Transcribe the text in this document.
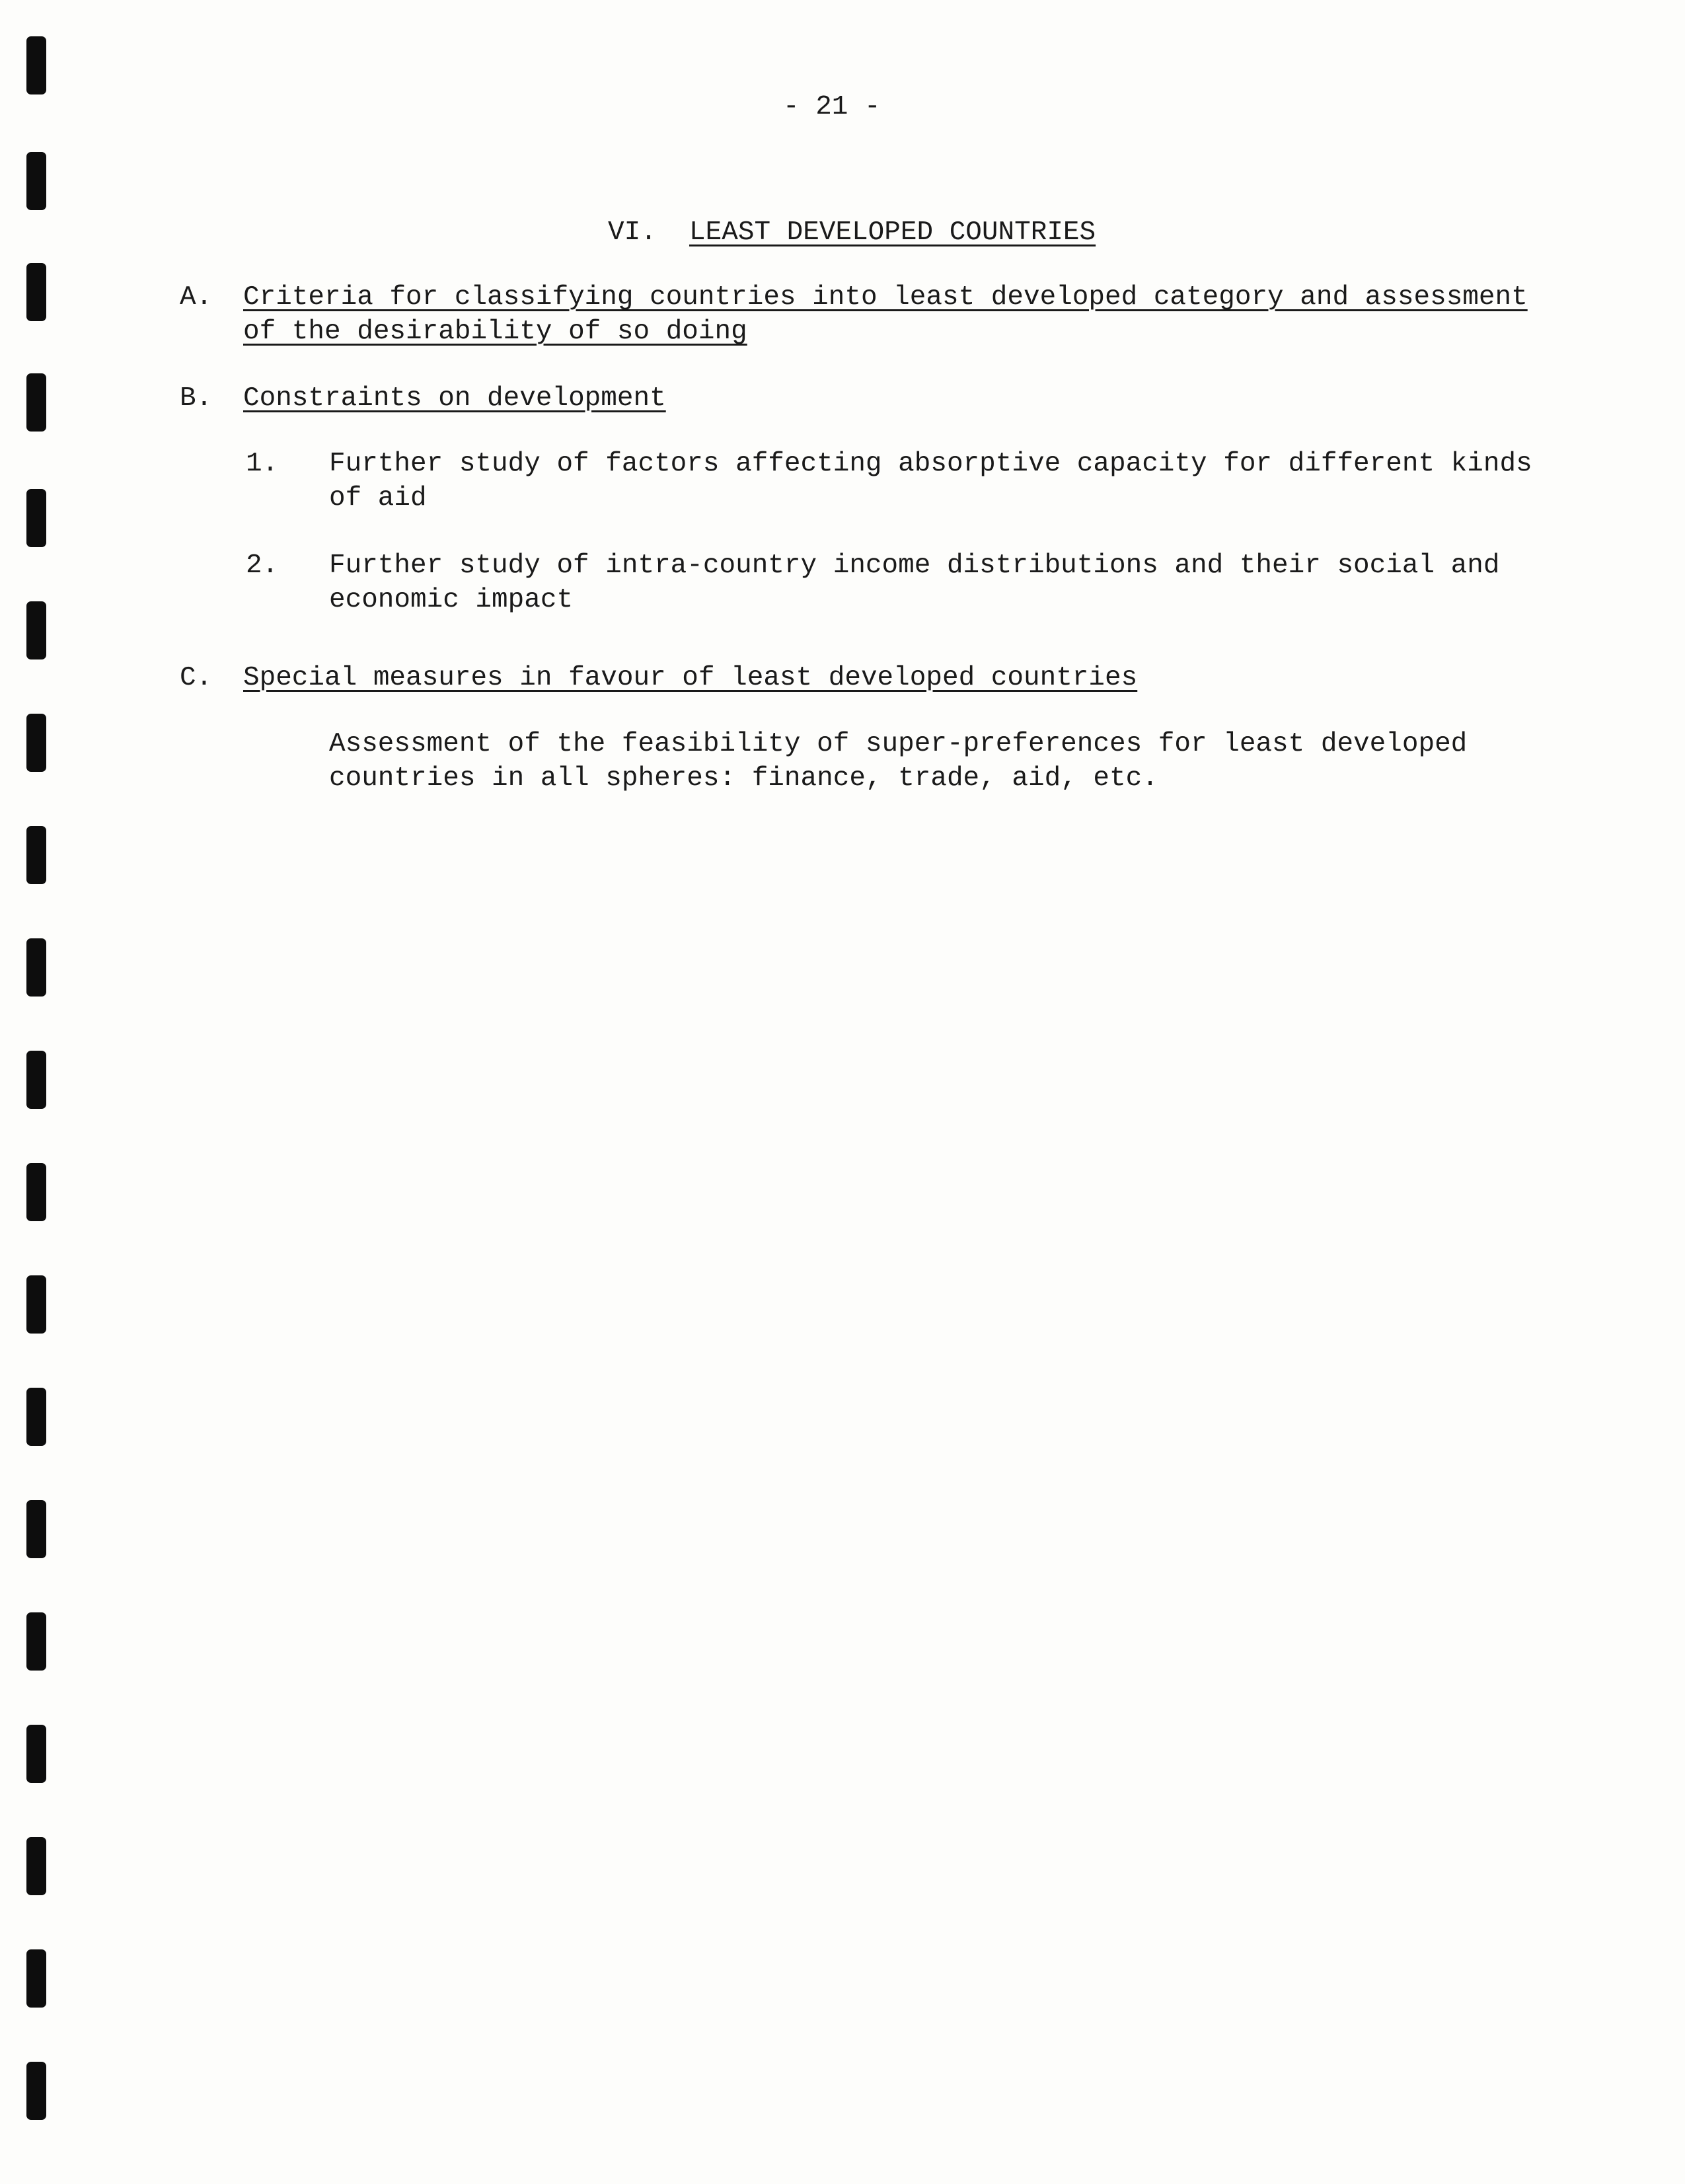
- 21 -
VI. LEAST DEVELOPED COUNTRIES
A. Criteria for classifying countries into least developed category and assessment
of the desirability of so doing
B. Constraints on development
1. Further study of factors affecting absorptive capacity for different kinds
of aid
2. Further study of intra-country income distributions and their social and
economic impact
C. Special measures in favour of least developed countries
Assessment of the feasibility of super-preferences for least developed
countries in all spheres: finance, trade, aid, etc.
